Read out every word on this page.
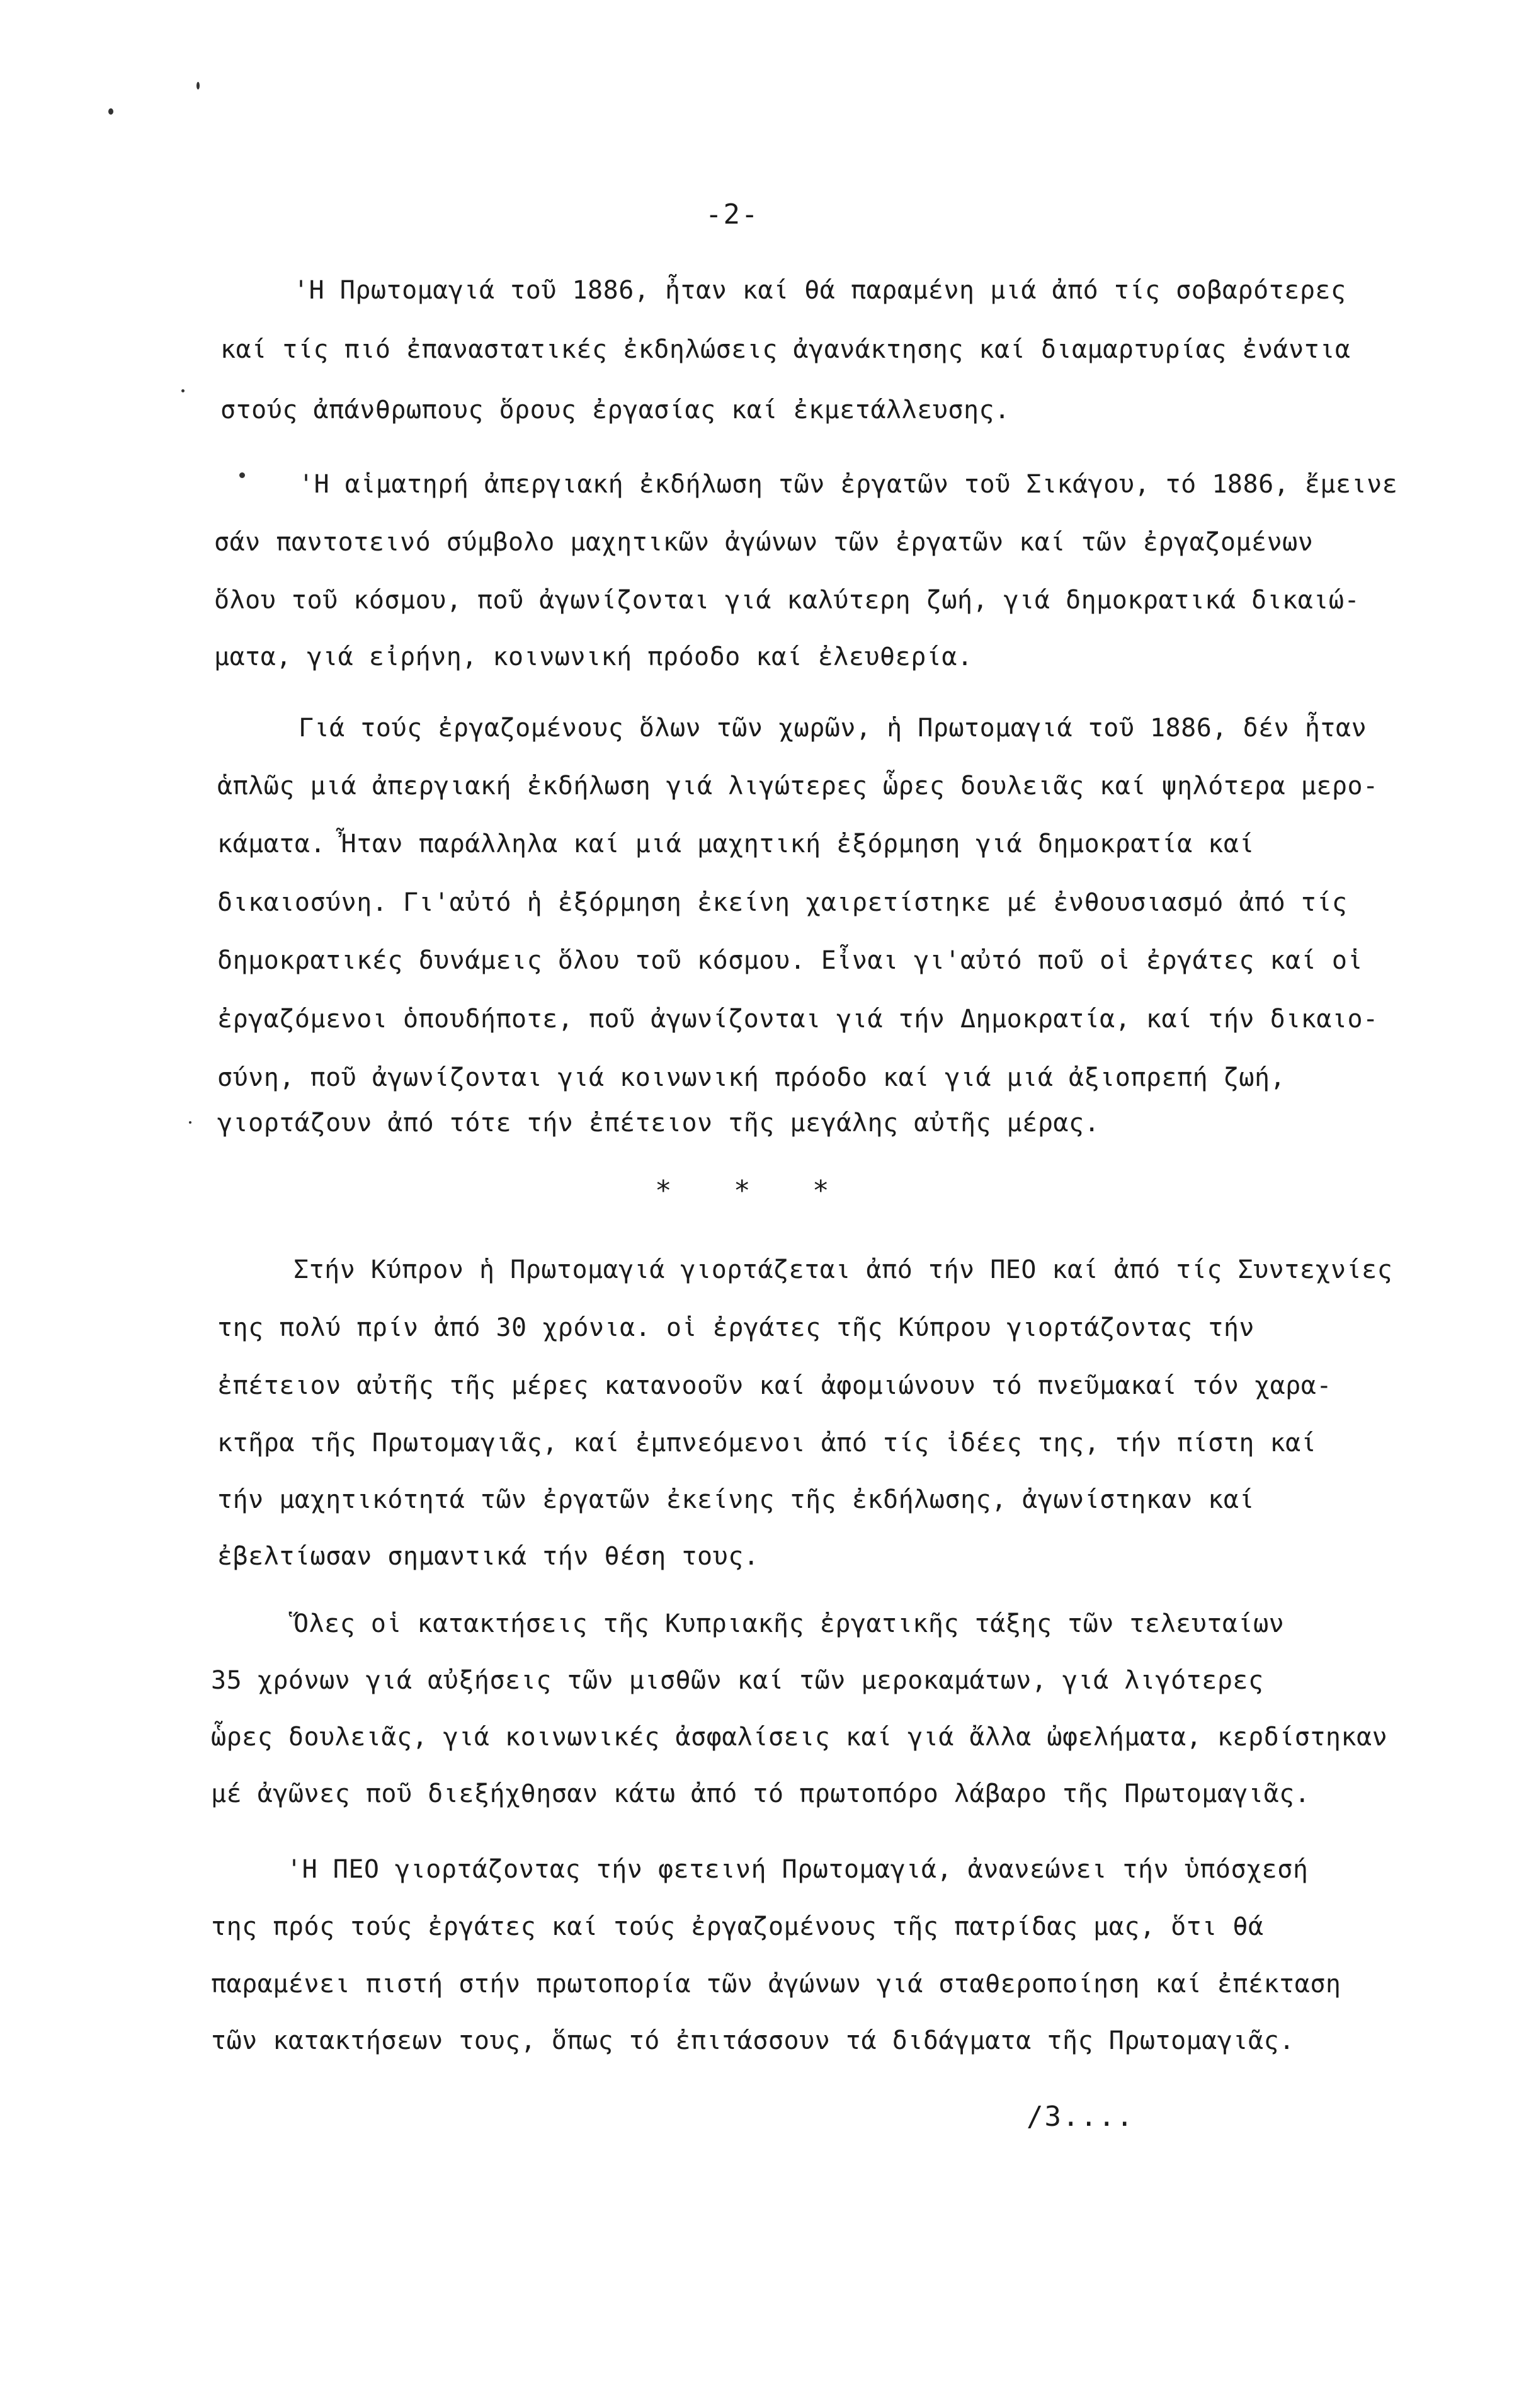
-2-
'Η Πρωτομαγιά τοῦ 1886, ἦταν καί θά παραμένη μιά ἀπό τίς σοβαρότερες
καί τίς πιό ἐπαναστατικές ἐκδηλώσεις ἀγανάκτησης καί διαμαρτυρίας ἐνάντια
στούς ἀπάνθρωπους ὅρους ἐργασίας καί ἐκμετάλλευσης.
'Η αἱματηρή ἀπεργιακή ἐκδήλωση τῶν ἐργατῶν τοῦ Σικάγου, τό 1886, ἔμεινε
σάν παντοτεινό σύμβολο μαχητικῶν ἀγώνων τῶν ἐργατῶν καί τῶν ἐργαζομένων
ὅλου τοῦ κόσμου, ποῦ ἀγωνίζονται γιά καλύτερη ζωή, γιά δημοκρατικά δικαιώ-
ματα, γιά εἰρήνη, κοινωνική πρόοδο καί ἐλευθερία.
Γιά τούς ἐργαζομένους ὅλων τῶν χωρῶν, ἡ Πρωτομαγιά τοῦ 1886, δέν ἦταν
ἁπλῶς μιά ἀπεργιακή ἐκδήλωση γιά λιγώτερες ὧρες δουλειᾶς καί ψηλότερα μερο-
κάματα. Ἦταν παράλληλα καί μιά μαχητική ἐξόρμηση γιά δημοκρατία καί
δικαιοσύνη. Γι'αὐτό ἡ ἐξόρμηση ἐκείνη χαιρετίστηκε μέ ἐνθουσιασμό ἀπό τίς
δημοκρατικές δυνάμεις ὅλου τοῦ κόσμου. Εἶναι γι'αὐτό ποῦ οἱ ἐργάτες καί οἱ
ἐργαζόμενοι ὁπουδήποτε, ποῦ ἀγωνίζονται γιά τήν Δημοκρατία, καί τήν δικαιο-
σύνη, ποῦ ἀγωνίζονται γιά κοινωνική πρόοδο καί γιά μιά ἀξιοπρεπή ζωή,
γιορτάζουν ἀπό τότε τήν ἐπέτειον τῆς μεγάλης αὐτῆς μέρας.
* * *
Στήν Κύπρον ἡ Πρωτομαγιά γιορτάζεται ἀπό τήν ΠΕΟ καί ἀπό τίς Συντεχνίες
της πολύ πρίν ἀπό 30 χρόνια. οἱ ἐργάτες τῆς Κύπρου γιορτάζοντας τήν
ἐπέτειον αὐτῆς τῆς μέρες κατανοοῦν καί ἀφομιώνουν τό πνεῦμακαί τόν χαρα-
κτῆρα τῆς Πρωτομαγιᾶς, καί ἐμπνεόμενοι ἀπό τίς ἰδέες της, τήν πίστη καί
τήν μαχητικότητά τῶν ἐργατῶν ἐκείνης τῆς ἐκδήλωσης, ἀγωνίστηκαν καί
ἐβελτίωσαν σημαντικά τήν θέση τους.
Ὅλες οἱ κατακτήσεις τῆς Κυπριακῆς ἐργατικῆς τάξης τῶν τελευταίων
35 χρόνων γιά αὐξήσεις τῶν μισθῶν καί τῶν μεροκαμάτων, γιά λιγότερες
ὧρες δουλειᾶς, γιά κοινωνικές ἀσφαλίσεις καί γιά ἄλλα ὠφελήματα, κερδίστηκαν
μέ ἀγῶνες ποῦ διεξήχθησαν κάτω ἀπό τό πρωτοπόρο λάβαρο τῆς Πρωτομαγιᾶς.
'Η ΠΕΟ γιορτάζοντας τήν φετεινή Πρωτομαγιά, ἀνανεώνει τήν ὑπόσχεσή
της πρός τούς ἐργάτες καί τούς ἐργαζομένους τῆς πατρίδας μας, ὅτι θά
παραμένει πιστή στήν πρωτοπορία τῶν ἀγώνων γιά σταθεροποίηση καί ἐπέκταση
τῶν κατακτήσεων τους, ὅπως τό ἐπιτάσσουν τά διδάγματα τῆς Πρωτομαγιᾶς.
/3....
